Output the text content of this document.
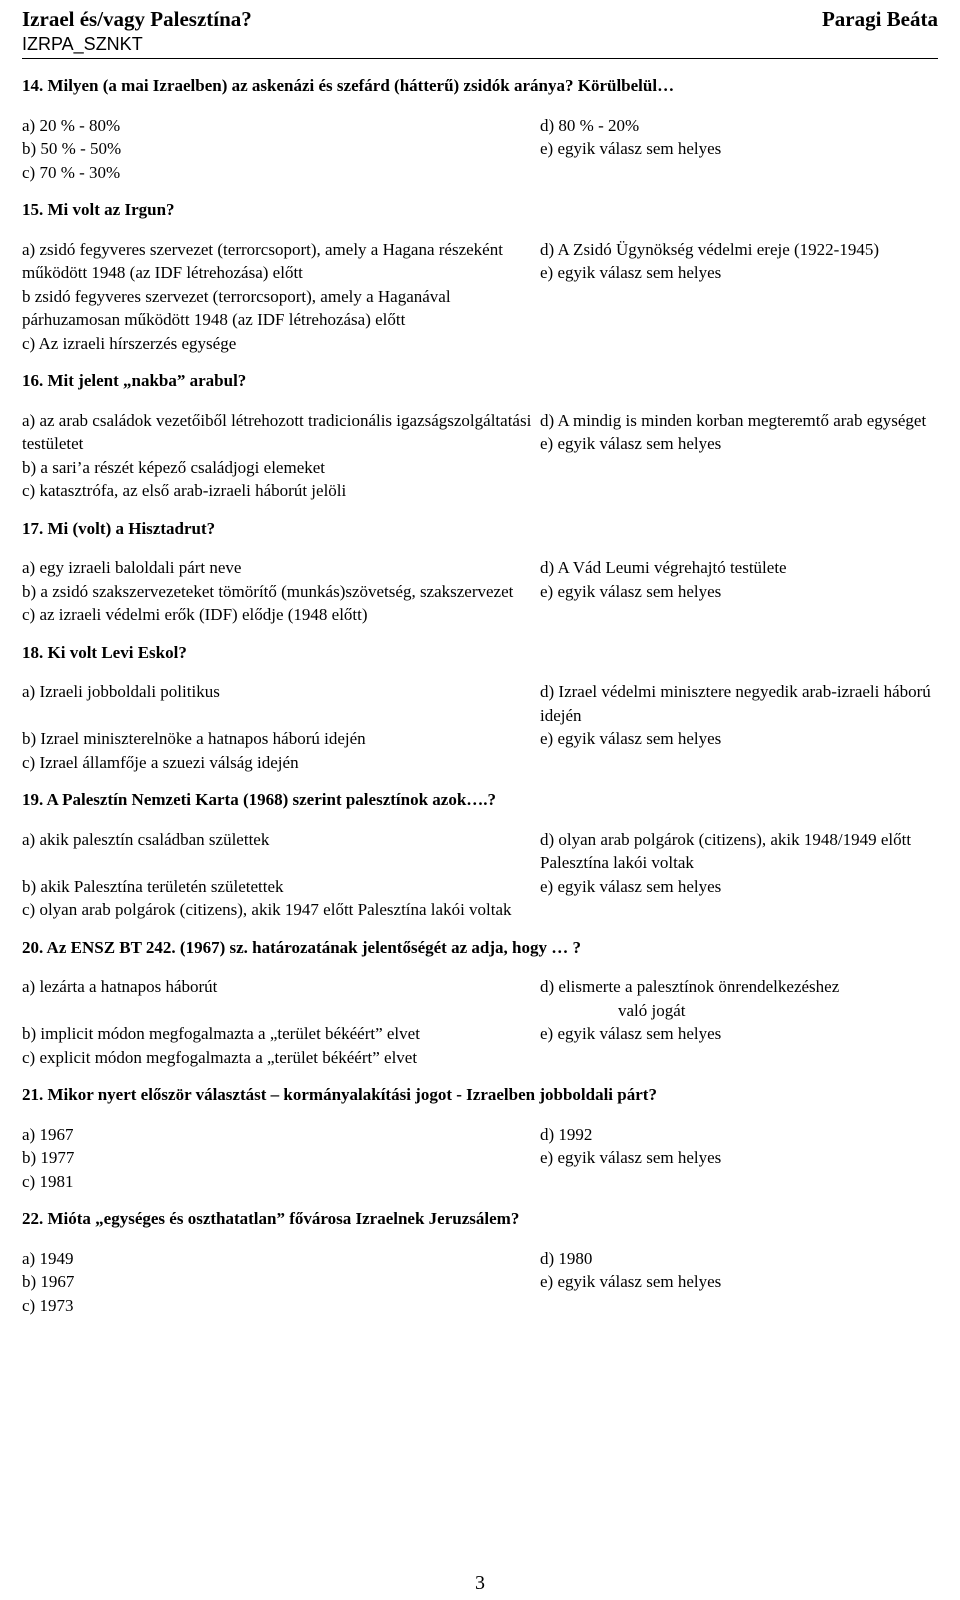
Izrael és/vagy Palesztína?	Paragi Beáta
IZRPA_SZNKT
14. Milyen (a mai Izraelben) az askenázi és szefárd (hátterű) zsidók aránya? Körülbelül…
a) 20 % - 80%
b) 50 % - 50%
c) 70 % - 30%
d) 80 % - 20%
e) egyik válasz sem helyes
15. Mi volt az Irgun?
a) zsidó fegyveres szervezet (terrorcsoport), amely a Hagana részeként működött 1948 (az IDF létrehozása) előtt
b zsidó fegyveres szervezet (terrorcsoport), amely a Haganával párhuzamosan működött 1948 (az IDF létrehozása) előtt
c) Az izraeli hírszerzés egysége
d) A Zsidó Ügynökség védelmi ereje (1922-1945)
e) egyik válasz sem helyes
16. Mit jelent „nakba” arabul?
a) az arab családok vezetőiből létrehozott tradicionális igazságszolgáltatási testületet
b) a sari’a részét képező családjogi elemeket
c) katasztrófa, az első arab-izraeli háborút jelöli
d) A mindig is minden korban megteremtő arab egységet
e) egyik válasz sem helyes
17. Mi (volt) a Hisztadrut?
a) egy izraeli baloldali párt neve
b) a zsidó szakszervezeteket tömörítő (munkás)szövetség, szakszervezet
c) az izraeli védelmi erők (IDF) elődje (1948 előtt)
d) A Vád Leumi végrehajtó testülete
e) egyik válasz sem helyes
18. Ki volt Levi Eskol?
a) Izraeli jobboldali politikus

b) Izrael miniszterelnöke a hatnapos háború idején
c) Izrael államfője a szuezi válság idején
d) Izrael védelmi minisztere negyedik arab-izraeli háború idején
e) egyik válasz sem helyes
19. A Palesztín Nemzeti Karta (1968) szerint palesztínok azok….?
a) akik palesztín családban születtek

b) akik Palesztína területén születettek
c) olyan arab polgárok (citizens), akik 1947 előtt Palesztína lakói voltak
d) olyan arab polgárok (citizens), akik 1948/1949 előtt Palesztína lakói voltak
e) egyik válasz sem helyes
20. Az ENSZ BT 242. (1967) sz. határozatának jelentőségét az adja, hogy … ?
a) lezárta a hatnapos háborút

b) implicit módon megfogalmazta a „terület békéért” elvet
c) explicit módon megfogalmazta a „terület békéért” elvet
d) elismerte a palesztínok önrendelkezéshez
való jogát
e) egyik válasz sem helyes
21. Mikor nyert először választást – kormányalakítási jogot - Izraelben jobboldali párt?
a) 1967
b) 1977
c) 1981
d) 1992
e) egyik válasz sem helyes
22. Mióta „egységes és oszthatatlan” fővárosa Izraelnek Jeruzsálem?
a) 1949
b) 1967
c) 1973
d) 1980
e) egyik válasz sem helyes
3
